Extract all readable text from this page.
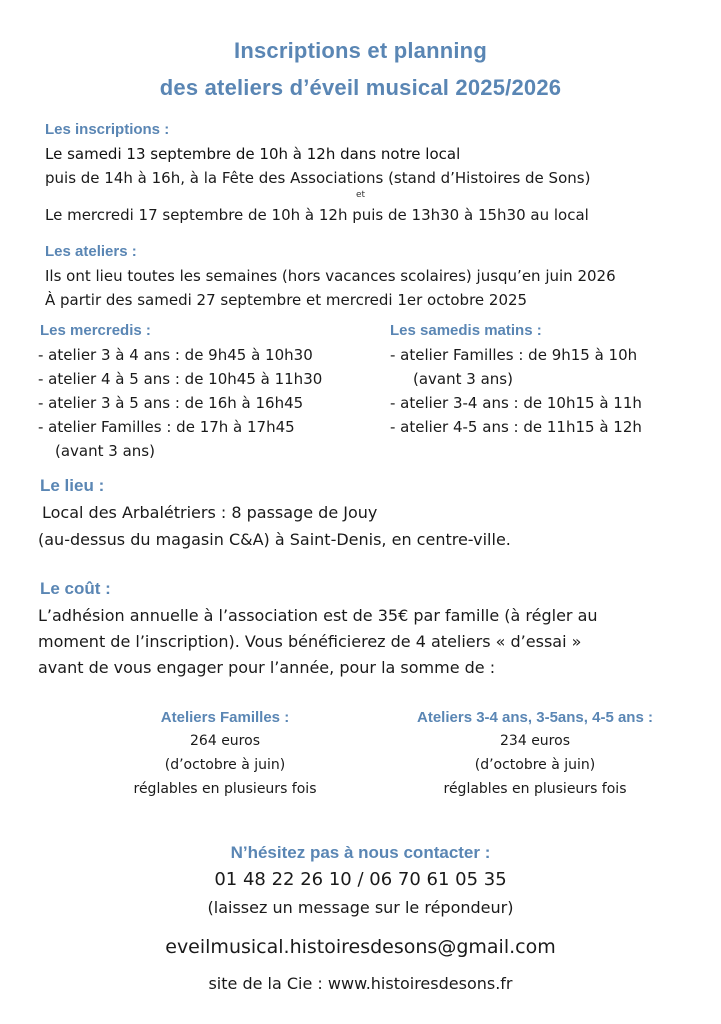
Inscriptions et planning
des ateliers d’éveil musical 2025/2026
Les inscriptions :
Le samedi 13 septembre de 10h à 12h dans notre local
puis de 14h à 16h, à la Fête des Associations (stand d’Histoires de Sons)
et
Le mercredi 17 septembre de 10h à 12h puis de 13h30 à 15h30 au local
Les ateliers :
Ils ont lieu toutes les semaines (hors vacances scolaires) jusqu’en juin 2026
À partir des samedi 27 septembre et mercredi 1er octobre 2025
Les mercredis :
- atelier 3 à 4 ans : de 9h45 à 10h30
- atelier 4 à 5 ans : de 10h45 à 11h30
- atelier 3 à 5 ans : de 16h à 16h45
- atelier Familles : de 17h à 17h45
(avant 3 ans)
Les samedis matins :
- atelier Familles : de 9h15 à 10h
(avant 3 ans)
- atelier 3-4 ans : de 10h15 à 11h
- atelier 4-5 ans : de 11h15 à 12h
Le lieu :
Local des Arbalétriers : 8 passage de Jouy
(au-dessus du magasin C&A) à Saint-Denis, en centre-ville.
Le coût :
L’adhésion annuelle à l’association est de 35€ par famille (à régler au
moment de l’inscription). Vous bénéficierez de 4 ateliers « d’essai »
avant de vous engager pour l’année, pour la somme de :
Ateliers Familles :
264 euros
(d’octobre à juin)
réglables en plusieurs fois
Ateliers 3-4 ans, 3-5ans, 4-5 ans :
234 euros
(d’octobre à juin)
réglables en plusieurs fois
N’hésitez pas à nous contacter :
01 48 22 26 10 / 06 70 61 05 35
(laissez un message sur le répondeur)
eveilmusical.histoiresdesons@gmail.com
site de la Cie : www.histoiresdesons.fr
